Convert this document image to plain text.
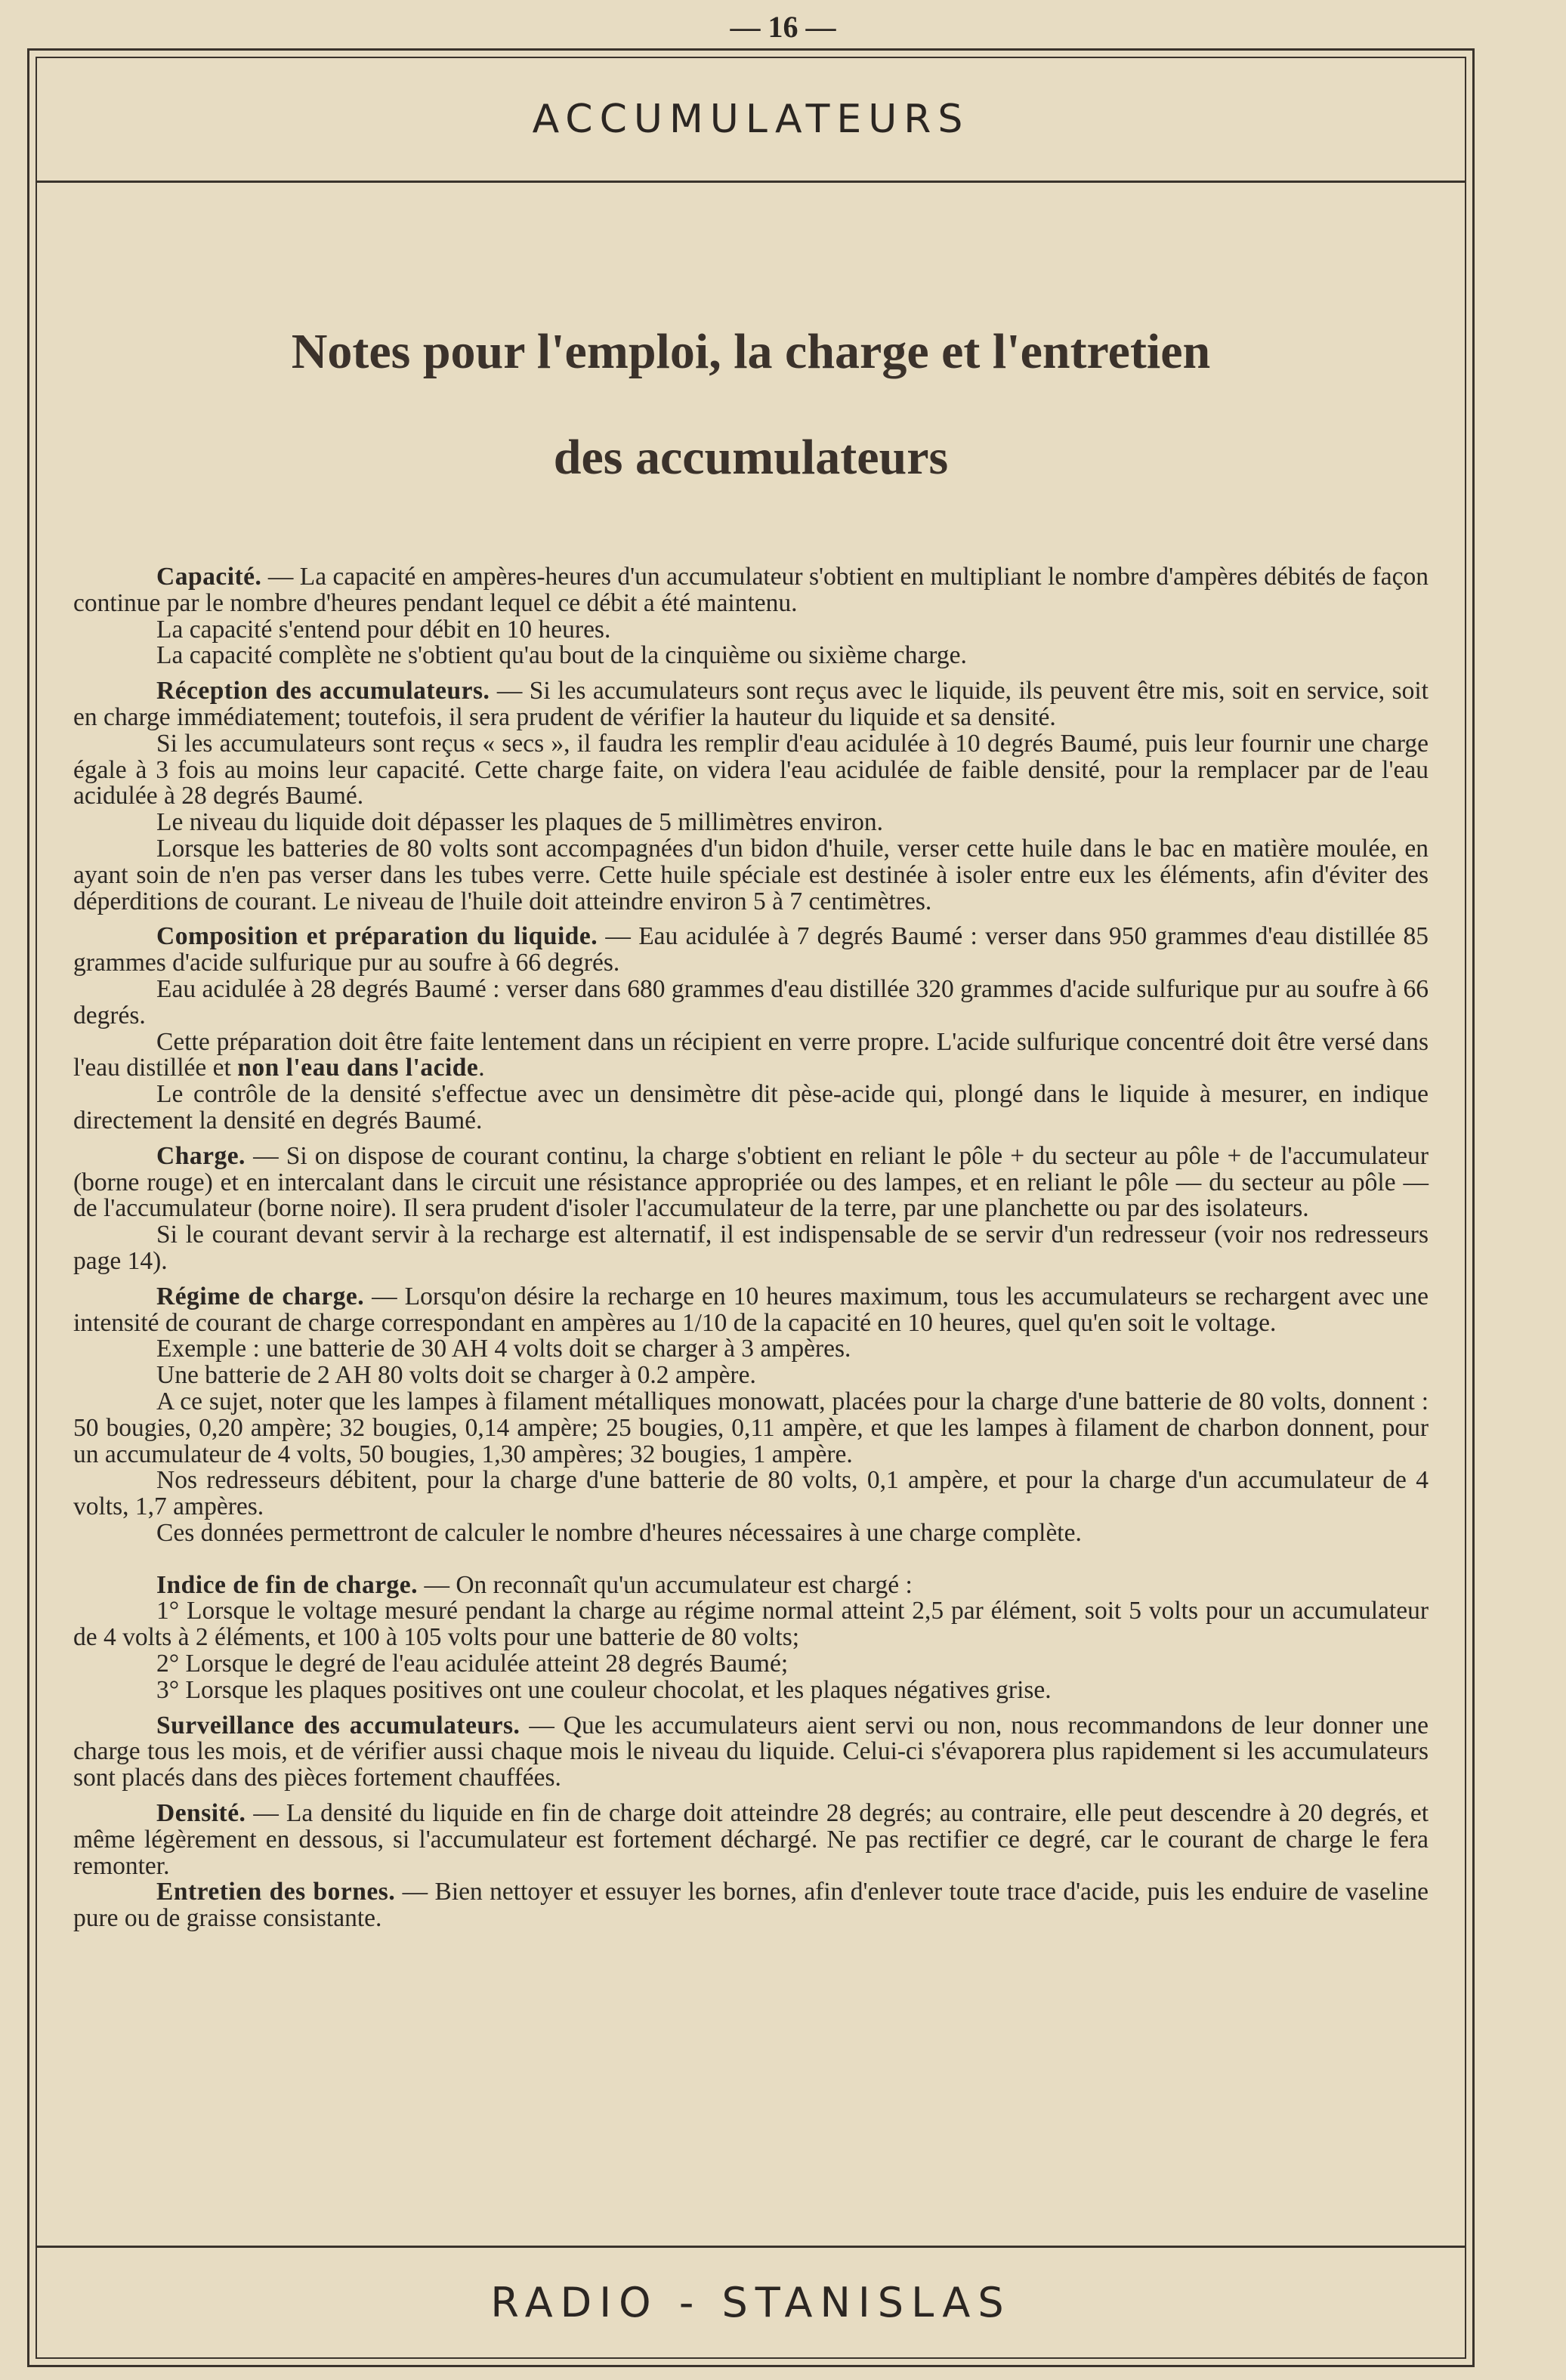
— 16 —
ACCUMULATEURS
Notes pour l'emploi, la charge et l'entretien
des accumulateurs

Capacité. — La capacité en ampères-heures d'un accumulateur s'obtient en multipliant le nombre d'ampères débités de façon continue par le nombre d'heures pendant lequel ce débit a été maintenu.

La capacité s'entend pour débit en 10 heures.

La capacité complète ne s'obtient qu'au bout de la cinquième ou sixième charge.

Réception des accumulateurs. — Si les accumulateurs sont reçus avec le liquide, ils peuvent être mis, soit en service, soit en charge immédiatement; toutefois, il sera prudent de vérifier la hauteur du liquide et sa densité.

Si les accumulateurs sont reçus « secs », il faudra les remplir d'eau acidulée à 10 degrés Baumé, puis leur fournir une charge égale à 3 fois au moins leur capacité. Cette charge faite, on videra l'eau acidulée de faible densité, pour la remplacer par de l'eau acidulée à 28 degrés Baumé.

Le niveau du liquide doit dépasser les plaques de 5 millimètres environ.

Lorsque les batteries de 80 volts sont accompagnées d'un bidon d'huile, verser cette huile dans le bac en matière moulée, en ayant soin de n'en pas verser dans les tubes verre. Cette huile spéciale est destinée à isoler entre eux les éléments, afin d'éviter des déperditions de courant. Le niveau de l'huile doit atteindre environ 5 à 7 centimètres.

Composition et préparation du liquide. — Eau acidulée à 7 degrés Baumé : verser dans 950 grammes d'eau distillée 85 grammes d'acide sulfurique pur au soufre à 66 degrés.

Eau acidulée à 28 degrés Baumé : verser dans 680 grammes d'eau distillée 320 grammes d'acide sulfurique pur au soufre à 66 degrés.

Cette préparation doit être faite lentement dans un récipient en verre propre. L'acide sulfurique concentré doit être versé dans l'eau distillée et non l'eau dans l'acide.

Le contrôle de la densité s'effectue avec un densimètre dit pèse-acide qui, plongé dans le liquide à mesurer, en indique directement la densité en degrés Baumé.

Charge. — Si on dispose de courant continu, la charge s'obtient en reliant le pôle + du secteur au pôle + de l'accumulateur (borne rouge) et en intercalant dans le circuit une résistance appropriée ou des lampes, et en reliant le pôle — du secteur au pôle — de l'accumulateur (borne noire). Il sera prudent d'isoler l'accumulateur de la terre, par une planchette ou par des isolateurs.

Si le courant devant servir à la recharge est alternatif, il est indispensable de se servir d'un redresseur (voir nos redresseurs page 14).

Régime de charge. — Lorsqu'on désire la recharge en 10 heures maximum, tous les accumulateurs se rechargent avec une intensité de courant de charge correspondant en ampères au 1/10 de la capacité en 10 heures, quel qu'en soit le voltage.

Exemple : une batterie de 30 AH 4 volts doit se charger à 3 ampères.

Une batterie de 2 AH 80 volts doit se charger à 0.2 ampère.

A ce sujet, noter que les lampes à filament métalliques monowatt, placées pour la charge d'une batterie de 80 volts, donnent : 50 bougies, 0,20 ampère; 32 bougies, 0,14 ampère; 25 bougies, 0,11 ampère, et que les lampes à filament de charbon donnent, pour un accumulateur de 4 volts, 50 bougies, 1,30 ampères; 32 bougies, 1 ampère.

Nos redresseurs débitent, pour la charge d'une batterie de 80 volts, 0,1 ampère, et pour la charge d'un accumulateur de 4 volts, 1,7 ampères.

Ces données permettront de calculer le nombre d'heures nécessaires à une charge complète.

Indice de fin de charge. — On reconnaît qu'un accumulateur est chargé :

1° Lorsque le voltage mesuré pendant la charge au régime normal atteint 2,5 par élément, soit 5 volts pour un accumulateur de 4 volts à 2 éléments, et 100 à 105 volts pour une batterie de 80 volts;

2° Lorsque le degré de l'eau acidulée atteint 28 degrés Baumé;

3° Lorsque les plaques positives ont une couleur chocolat, et les plaques négatives grise.

Surveillance des accumulateurs. — Que les accumulateurs aient servi ou non, nous recommandons de leur donner une charge tous les mois, et de vérifier aussi chaque mois le niveau du liquide. Celui-ci s'évaporera plus rapidement si les accumulateurs sont placés dans des pièces fortement chauffées.

Densité. — La densité du liquide en fin de charge doit atteindre 28 degrés; au contraire, elle peut descendre à 20 degrés, et même légèrement en dessous, si l'accumulateur est fortement déchargé. Ne pas rectifier ce degré, car le courant de charge le fera remonter.

Entretien des bornes. — Bien nettoyer et essuyer les bornes, afin d'enlever toute trace d'acide, puis les enduire de vaseline pure ou de graisse consistante.

RADIO - STANISLAS
